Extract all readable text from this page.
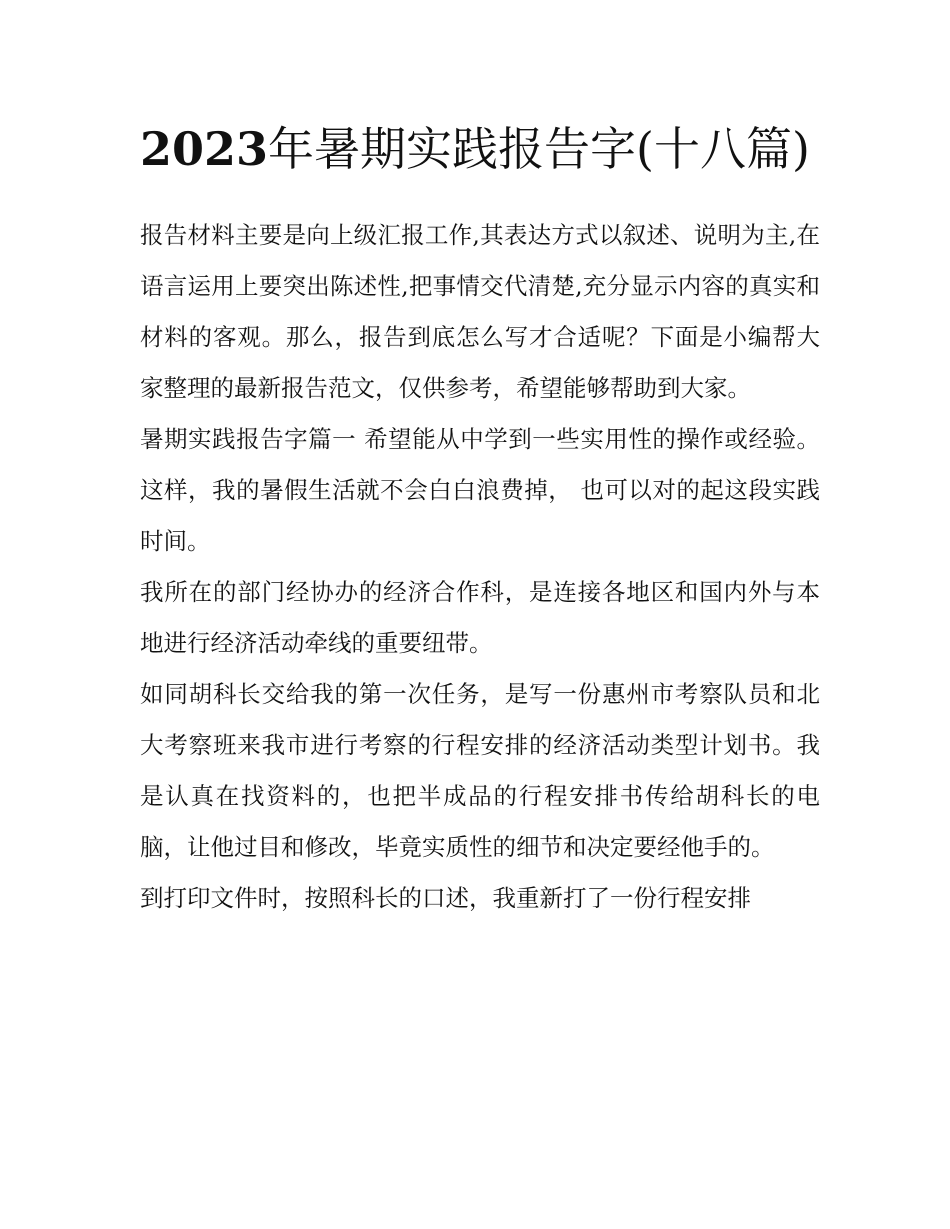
2023年暑期实践报告字(十八篇)

报告材料主要是向上级汇报工作,其表达方式以叙述、说明为主,在语言运用上要突出陈述性,把事情交代清楚,充分显示内容的真实和材料的客观。那么，报告到底怎么写才合适呢？下面是小编帮大家整理的最新报告范文，仅供参考，希望能够帮助到大家。

暑期实践报告字篇一 希望能从中学到一些实用性的操作或经验。这样，我的暑假生活就不会白白浪费掉， 也可以对的起这段实践时间。

我所在的部门经协办的经济合作科，是连接各地区和国内外与本地进行经济活动牵线的重要纽带。

如同胡科长交给我的第一次任务，是写一份惠州市考察队员和北大考察班来我市进行考察的行程安排的经济活动类型计划书。我是认真在找资料的，也把半成品的行程安排书传给胡科长的电脑，让他过目和修改，毕竟实质性的细节和决定要经他手的。

到打印文件时，按照科长的口述，我重新打了一份行程安排
